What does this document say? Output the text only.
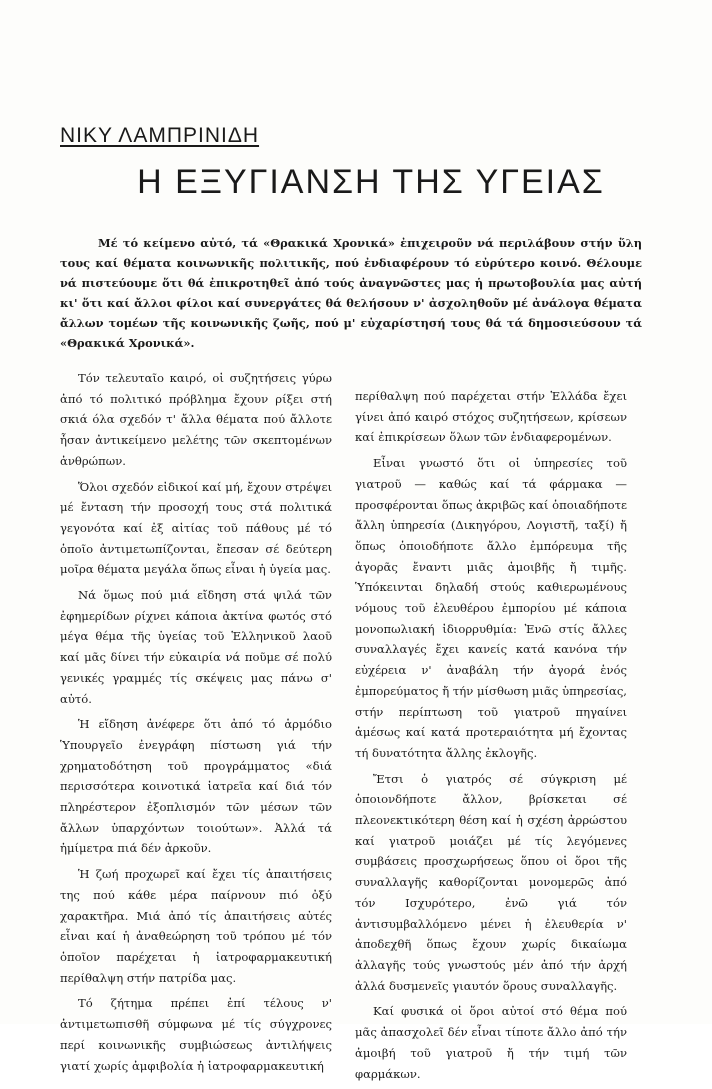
ΝΙΚΥ ΛΑΜΠΡΙΝΙΔΗ
Η ΕΞΥΓΙΑΝΣΗ ΤΗΣ ΥΓΕΙΑΣ

Μέ τό κείμενο αὐτό, τά «Θρακικά Χρονικά» ἐπιχειροῦν νά περιλάβουν στήν ὕλη τους καί θέματα κοινωνικῆς πολιτικῆς, πού ἐνδιαφέρουν τό εὐρύτερο κοινό. Θέλουμε νά πιστεύουμε ὅτι θά ἐπικροτηθεῖ ἀπό τούς ἀναγνῶστες μας ἡ πρωτοβουλία μας αὐτή κι' ὅτι καί ἄλλοι φίλοι καί συνεργάτες θά θελήσουν ν' ἀσχοληθοῦν μέ ἀνάλογα θέματα ἄλλων τομέων τῆς κοινωνικῆς ζωῆς, πού μ' εὐχαρίστησή τους θά τά δημοσιεύσουν τά «Θρακικά Χρονικά».

Τόν τελευταῖο καιρό, οἱ συζητήσεις γύρω ἀπό τό πολιτικό πρόβλημα ἔχουν ρίξει στή σκιά όλα σχεδόν τ' ἄλλα θέματα πού ἄλλοτε ἦσαν ἀντικείμενο μελέτης τῶν σκεπτομένων ἀνθρώπων.

Ὅλοι σχεδόν εἰδικοί καί μή, ἔχουν στρέψει μέ ἔνταση τήν προσοχή τους στά πολιτικά γεγονότα καί ἐξ αἰτίας τοῦ πάθους μέ τό ὁποῖο ἀντιμετωπίζονται, ἔπεσαν σέ δεύτερη μοῖρα θέματα μεγάλα ὅπως εἶναι ἡ ὑγεία μας.

Νά ὅμως πού μιά εἴδηση στά ψιλά τῶν ἐφημερίδων ρίχνει κάποια ἀκτίνα φωτός στό μέγα θέμα τῆς ὑγείας τοῦ Ἑλληνικοῦ λαοῦ καί μᾶς δίνει τήν εὐκαιρία νά ποῦμε σέ πολύ γενικές γραμμές τίς σκέψεις μας πάνω σ' αὐτό.

Ἡ εἴδηση ἀνέφερε ὅτι ἀπό τό ἁρμόδιο Ὑπουργεῖο ἐνεγράφη πίστωση γιά τήν χρηματοδότηση τοῦ προγράμματος «διά περισσότερα κοινοτικά ἰατρεῖα καί διά τόν πληρέστερον ἐξοπλισμόν τῶν μέσων τῶν ἄλλων ὑπαρχόντων τοιούτων». Ἀλλά τά ἡμίμετρα πιά δέν ἀρκοῦν.

Ἡ ζωή προχωρεῖ καί ἔχει τίς ἀπαιτήσεις της πού κάθε μέρα παίρνουν πιό ὀξύ χαρακτῆρα. Μιά ἀπό τίς ἀπαιτήσεις αὐτές εἶναι καί ἡ ἀναθεώρηση τοῦ τρόπου μέ τόν ὁποῖον παρέχεται ἡ ἰατροφαρμακευτική περίθαλψη στήν πατρίδα μας.

Τό ζήτημα πρέπει ἐπί τέλους ν' ἀντιμετωπισθῆ σύμφωνα μέ τίς σύγχρονες περί κοινωνικῆς συμβιώσεως ἀντιλήψεις γιατί χωρίς ἀμφιβολία ἡ ἰατροφαρμακευτική

περίθαλψη πού παρέχεται στήν Ἑλλάδα ἔχει γίνει ἀπό καιρό στόχος συζητήσεων, κρίσεων καί ἐπικρίσεων ὅλων τῶν ἐνδιαφερομένων.

Εἶναι γνωστό ὅτι οἱ ὑπηρεσίες τοῦ γιατροῦ — καθώς καί τά φάρμακα — προσφέρονται ὅπως ἀκριβῶς καί ὁποιαδήποτε ἄλλη ὑπηρεσία (Δικηγόρου, Λογιστῆ, ταξί) ἤ ὅπως ὁποιοδήποτε ἄλλο ἐμπόρευμα τῆς ἀγορᾶς ἔναντι μιᾶς ἀμοιβῆς ἤ τιμῆς. Ὑπόκεινται δηλαδή στούς καθιερωμένους νόμους τοῦ ἐλευθέρου ἐμπορίου μέ κάποια μονοπωλιακή ἰδιορρυθμία: Ἐνῶ στίς ἄλλες συναλλαγές ἔχει κανείς κατά κανόνα τήν εὐχέρεια ν' ἀναβάλη τήν ἀγορά ἑνός ἐμπορεύματος ἤ τήν μίσθωση μιᾶς ὑπηρεσίας, στήν περίπτωση τοῦ γιατροῦ πηγαίνει ἀμέσως καί κατά προτεραιότητα μή ἔχοντας τή δυνατότητα ἄλλης ἐκλογῆς.

Ἔτσι ὁ γιατρός σέ σύγκριση μέ ὁποιονδήποτε ἄλλον, βρίσκεται σέ πλεονεκτικότερη θέση καί ἡ σχέση ἀρρώστου καί γιατροῦ μοιάζει μέ τίς λεγόμενες συμβάσεις προσχωρήσεως ὅπου οἱ ὅροι τῆς συναλλαγῆς καθορίζονται μονομερῶς ἀπό τόν Ισχυρότερο, ἐνῶ γιά τόν ἀντισυμβαλλόμενο μένει ἡ ἐλευθερία ν' ἀποδεχθῆ ὅπως ἔχουν χωρίς δικαίωμα ἀλλαγῆς τούς γνωστούς μέν ἀπό τήν ἀρχή ἀλλά δυσμενεῖς γιαυτόν ὅρους συναλλαγῆς.

Καί φυσικά οἱ ὅροι αὐτοί στό θέμα πού μᾶς ἀπασχολεῖ δέν εἶναι τίποτε ἄλλο ἀπό τήν ἀμοιβή τοῦ γιατροῦ ἤ τήν τιμή τῶν φαρμάκων.
